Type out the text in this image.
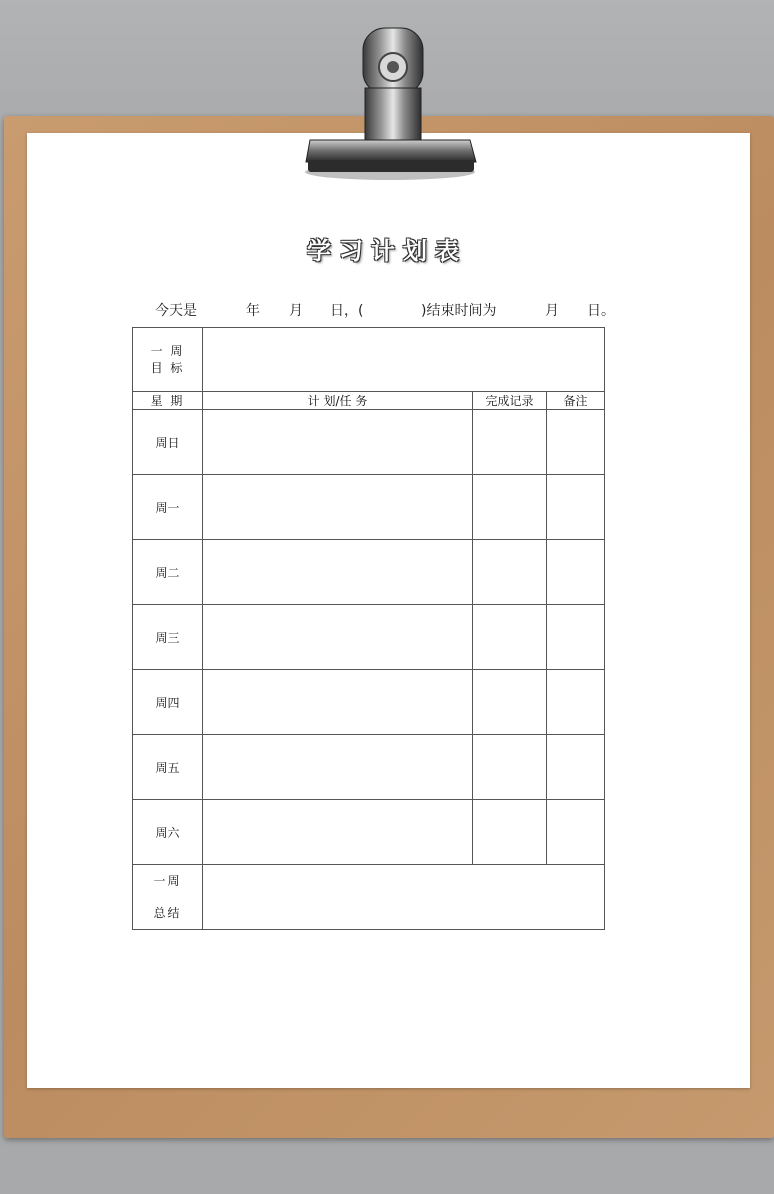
学习计划表
今天是	年 月 日，(	)结束时间为	月 日。
一 周
目 标			

星 期	计 划/任 务	完成记录	备注
周日			
周一			
周二			
周三			
周四			
周五			
周六			

一周
总结			
